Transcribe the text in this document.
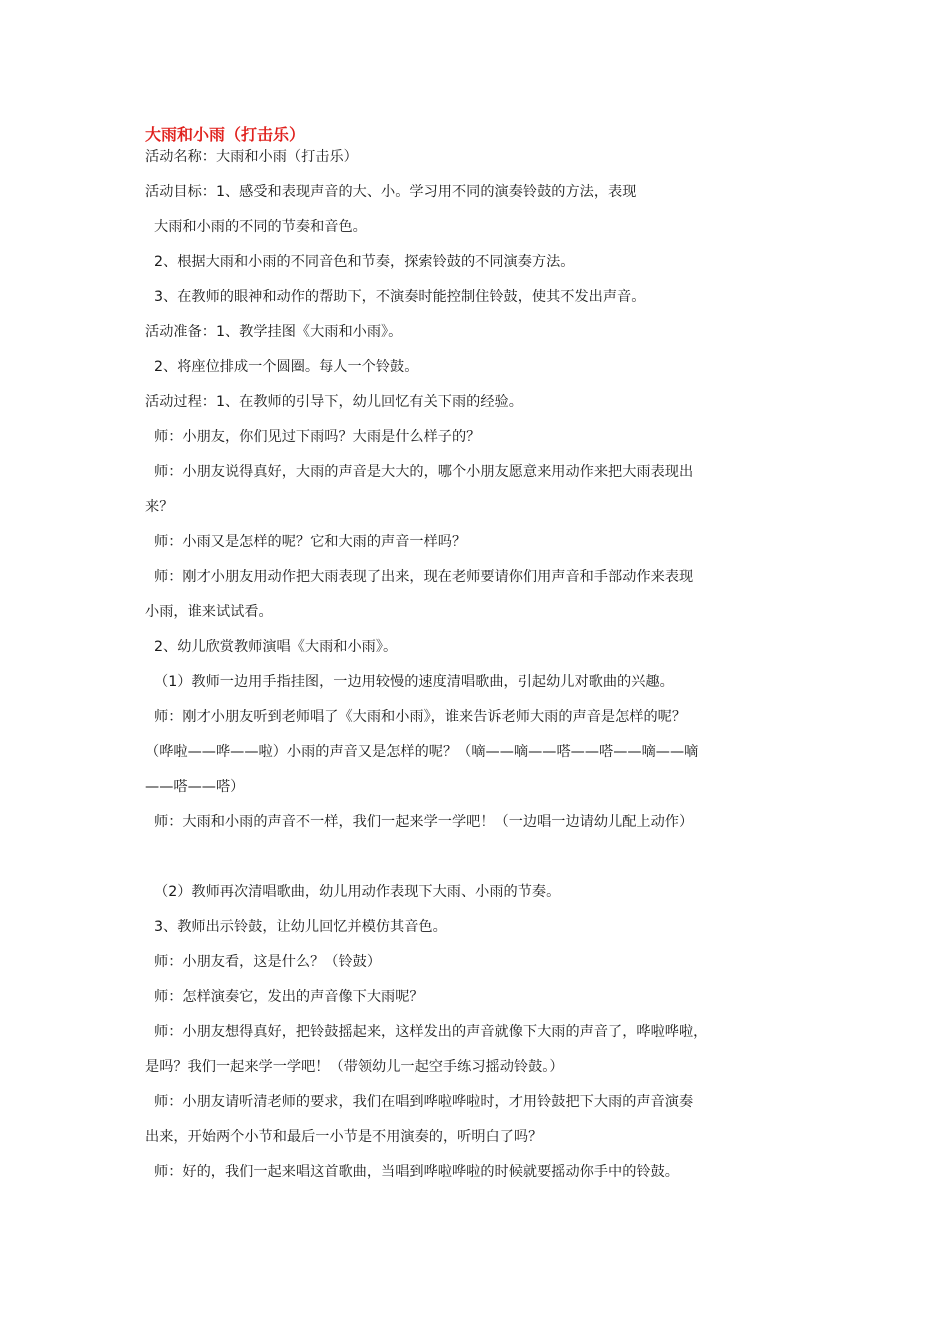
大雨和小雨（打击乐）

活动名称：大雨和小雨（打击乐）

活动目标：1、感受和表现声音的大、小。学习用不同的演奏铃鼓的方法，表现

大雨和小雨的不同的节奏和音色。

2、根据大雨和小雨的不同音色和节奏，探索铃鼓的不同演奏方法。

3、在教师的眼神和动作的帮助下，不演奏时能控制住铃鼓，使其不发出声音。

活动准备：1、教学挂图《大雨和小雨》。

2、将座位排成一个圆圈。每人一个铃鼓。

活动过程：1、在教师的引导下，幼儿回忆有关下雨的经验。

师：小朋友，你们见过下雨吗？大雨是什么样子的？

师：小朋友说得真好，大雨的声音是大大的，哪个小朋友愿意来用动作来把大雨表现出

来？

师：小雨又是怎样的呢？它和大雨的声音一样吗？

师：刚才小朋友用动作把大雨表现了出来，现在老师要请你们用声音和手部动作来表现

小雨，谁来试试看。

2、幼儿欣赏教师演唱《大雨和小雨》。

（1）教师一边用手指挂图，一边用较慢的速度清唱歌曲，引起幼儿对歌曲的兴趣。

师：刚才小朋友听到老师唱了《大雨和小雨》，谁来告诉老师大雨的声音是怎样的呢？

（哗啦——哗——啦）小雨的声音又是怎样的呢？（嘀——嘀——嗒——嗒——嘀——嘀

——嗒——嗒）

师：大雨和小雨的声音不一样，我们一起来学一学吧！（一边唱一边请幼儿配上动作）

（2）教师再次清唱歌曲，幼儿用动作表现下大雨、小雨的节奏。

3、教师出示铃鼓，让幼儿回忆并模仿其音色。

师：小朋友看，这是什么？（铃鼓）

师：怎样演奏它，发出的声音像下大雨呢？

师：小朋友想得真好，把铃鼓摇起来，这样发出的声音就像下大雨的声音了，哗啦哗啦，

是吗？我们一起来学一学吧！（带领幼儿一起空手练习摇动铃鼓。）

师：小朋友请听清老师的要求，我们在唱到哗啦哗啦时，才用铃鼓把下大雨的声音演奏

出来，开始两个小节和最后一小节是不用演奏的，听明白了吗？

师：好的，我们一起来唱这首歌曲，当唱到哗啦哗啦的时候就要摇动你手中的铃鼓。
